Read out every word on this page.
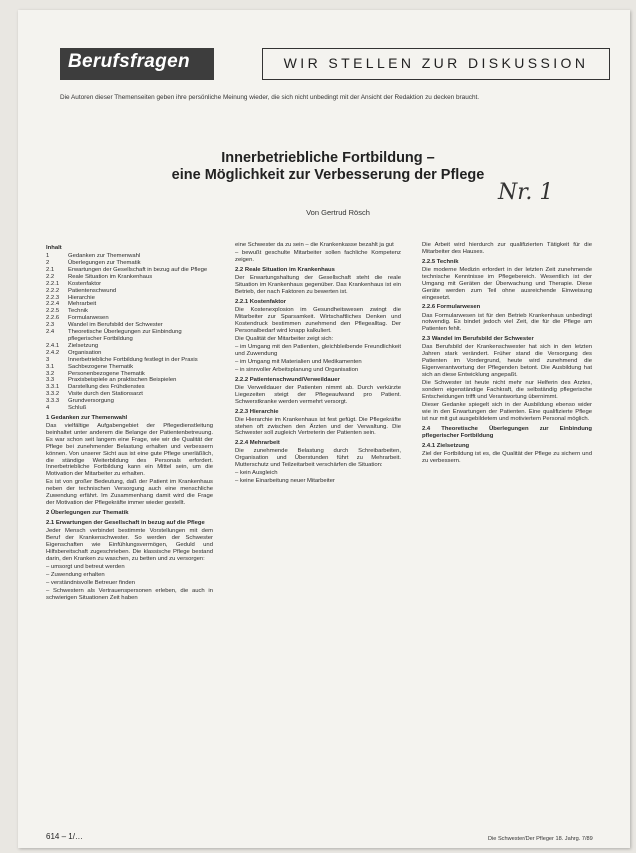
Berufsfragen	WIR STELLEN ZUR DISKUSSION
Die Autoren dieser Themenseiten geben ihre persönliche Meinung wieder, die sich nicht unbedingt mit der Ansicht der Redaktion zu decken braucht.
Innerbetriebliche Fortbildung –
eine Möglichkeit zur Verbesserung der Pflege
Nr. 1
Von Gertrud Rösch

Inhalt

1	Gedanken zur Themenwahl
2	Überlegungen zur Thematik
2.1	Erwartungen der Gesellschaft in bezug auf die Pflege
2.2	Reale Situation im Krankenhaus
2.2.1	Kostenfaktor
2.2.2	Patientenschwund
2.2.3	Hierarchie
2.2.4	Mehrarbeit
2.2.5	Technik
2.2.6	Formularwesen
2.3	Wandel im Berufsbild der Schwester
2.4	Theoretische Überlegungen zur Einbindung pflegerischer Fortbildung
2.4.1	Zielsetzung
2.4.2	Organisation
3	Innerbetriebliche Fortbildung festlegt in der Praxis
3.1	Sachbezogene Thematik
3.2	Personenbezogene Thematik
3.3	Praxisbeispiele an praktischen Beispielen
3.3.1	Darstellung des Frühdienstes
3.3.2	Visite durch den Stationsarzt
3.3.3	Grundversorgung
4	Schluß

1 Gedanken zur Themenwahl

Das vielfältige Aufgabengebiet der Pflegedienstleitung beinhaltet unter anderem die Belange der Patientenbetreuung. Es war schon seit langem eine Frage, wie wir die Qualität der Pflege bei zunehmender Belastung erhalten und verbessern können. Von unserer Sicht aus ist eine gute Pflege unerläßlich, die ständige Weiterbildung des Personals erfordert. Innerbetriebliche Fortbildung kann ein Mittel sein, um die Motivation der Mitarbeiter zu erhalten.

Es ist von großer Bedeutung, daß der Patient im Krankenhaus neben der technischen Versorgung auch eine menschliche Zuwendung erfährt. Im Zusammenhang damit wird die Frage der Motivation der Pflegekräfte immer wieder gestellt.

2 Überlegungen zur Thematik

2.1 Erwartungen der Gesellschaft in bezug auf die Pflege

Jeder Mensch verbindet bestimmte Vorstellungen mit dem Beruf der Krankenschwester. So werden der Schwester Eigenschaften wie Einfühlungsvermögen, Geduld und Hilfsbereitschaft zugeschrieben. Die klassische Pflege bestand darin, den Kranken zu waschen, zu betten und zu versorgen:

– umsorgt und betreut werden

– Zuwendung erhalten

– verständnisvolle Betreuer finden

– Schwestern als Vertrauenspersonen erleben, die auch in schwierigen Situationen Zeit haben

eine Schwester da zu sein – die Krankenkasse bezahlt ja gut

– bewußt geschulte Mitarbeiter sollen fachliche Kompetenz zeigen.

2.2 Reale Situation im Krankenhaus

Der Erwartungshaltung der Gesellschaft steht die reale Situation im Krankenhaus gegenüber. Das Krankenhaus ist ein Betrieb, der nach Faktoren zu bewerten ist.

2.2.1 Kostenfaktor

Die Kostenexplosion im Gesundheitswesen zwingt die Mitarbeiter zur Sparsamkeit. Wirtschaftliches Denken und Kostendruck bestimmen zunehmend den Pflegealltag. Der Personalbedarf wird knapp kalkuliert.

Die Qualität der Mitarbeiter zeigt sich:

– im Umgang mit den Patienten, gleichbleibende Freundlichkeit und Zuwendung

– im Umgang mit Materialien und Medikamenten

– in sinnvoller Arbeitsplanung und Organisation

2.2.2 Patientenschwund/Verweildauer

Die Verweildauer der Patienten nimmt ab. Durch verkürzte Liegezeiten steigt der Pflegeaufwand pro Patient. Schwerstkranke werden vermehrt versorgt.

2.2.3 Hierarchie

Die Hierarchie im Krankenhaus ist fest gefügt. Die Pflegekräfte stehen oft zwischen den Ärzten und der Verwaltung. Die Schwester soll zugleich Vertreterin der Patienten sein.

2.2.4 Mehrarbeit

Die zunehmende Belastung durch Schreibarbeiten, Organisation und Überstunden führt zu Mehrarbeit. Mutterschutz und Teilzeitarbeit verschärfen die Situation:

– kein Ausgleich

– keine Einarbeitung neuer Mitarbeiter

Die Arbeit wird hierdurch zur qualifizierten Tätigkeit für die Mitarbeiter des Hauses.

2.2.5 Technik

Die moderne Medizin erfordert in der letzten Zeit zunehmende technische Kenntnisse im Pflegebereich. Wesentlich ist der Umgang mit Geräten der Überwachung und Therapie. Diese Geräte werden zum Teil ohne ausreichende Einweisung eingesetzt.

2.2.6 Formularwesen

Das Formularwesen ist für den Betrieb Krankenhaus unbedingt notwendig. Es bindet jedoch viel Zeit, die für die Pflege am Patienten fehlt.

2.3 Wandel im Berufsbild der Schwester

Das Berufsbild der Krankenschwester hat sich in den letzten Jahren stark verändert. Früher stand die Versorgung des Patienten im Vordergrund, heute wird zunehmend die Eigenverantwortung der Pflegenden betont. Die Ausbildung hat sich an diese Entwicklung angepaßt.

Die Schwester ist heute nicht mehr nur Helferin des Arztes, sondern eigenständige Fachkraft, die selbständig pflegerische Entscheidungen trifft und Verantwortung übernimmt.

Dieser Gedanke spiegelt sich in der Ausbildung ebenso wider wie in den Erwartungen der Patienten. Eine qualifizierte Pflege ist nur mit gut ausgebildetem und motiviertem Personal möglich.

2.4 Theoretische Überlegungen zur Einbindung pflegerischer Fortbildung

2.4.1 Zielsetzung

Ziel der Fortbildung ist es, die Qualität der Pflege zu sichern und zu verbessern.

614 – 1/…	Die Schwester/Der Pfleger 18. Jahrg. 7/89
